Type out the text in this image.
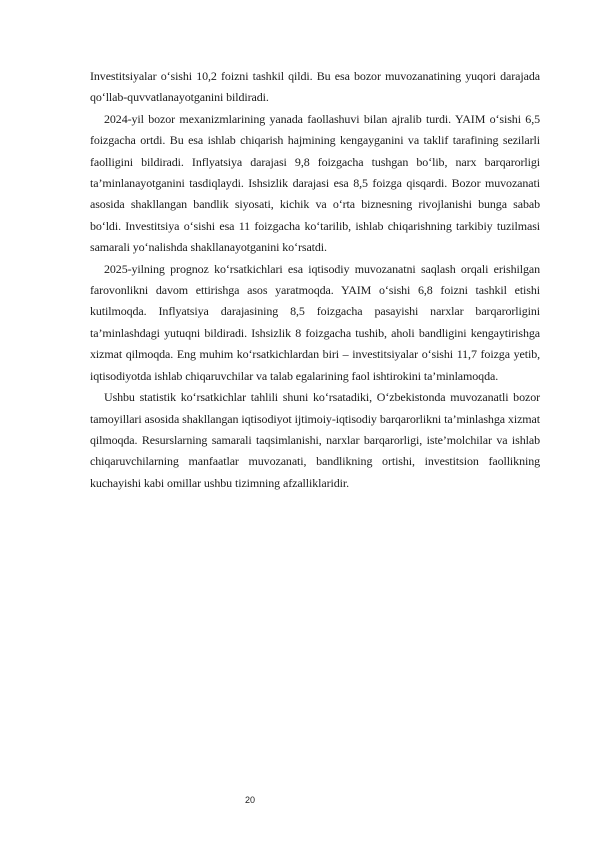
Investitsiyalar o‘sishi 10,2 foizni tashkil qildi. Bu esa bozor muvozanatining yuqori darajada qo‘llab-quvvatlanayotganini bildiradi.

2024-yil bozor mexanizmlarining yanada faollashuvi bilan ajralib turdi. YAIM o‘sishi 6,5 foizgacha ortdi. Bu esa ishlab chiqarish hajmining kengayganini va taklif tarafining sezilarli faolligini bildiradi. Inflyatsiya darajasi 9,8 foizgacha tushgan bo‘lib, narx barqarorligi ta’minlanayotganini tasdiqlaydi. Ishsizlik darajasi esa 8,5 foizga qisqardi. Bozor muvozanati asosida shakllangan bandlik siyosati, kichik va o‘rta biznesning rivojlanishi bunga sabab bo‘ldi. Investitsiya o‘sishi esa 11 foizgacha ko‘tarilib, ishlab chiqarishning tarkibiy tuzilmasi samarali yo‘nalishda shakllanayotganini ko‘rsatdi.

2025-yilning prognoz ko‘rsatkichlari esa iqtisodiy muvozanatni saqlash orqali erishilgan farovonlikni davom ettirishga asos yaratmoqda. YAIM o‘sishi 6,8 foizni tashkil etishi kutilmoqda. Inflyatsiya darajasining 8,5 foizgacha pasayishi narxlar barqarorligini ta’minlashdagi yutuqni bildiradi. Ishsizlik 8 foizgacha tushib, aholi bandligini kengaytirishga xizmat qilmoqda. Eng muhim ko‘rsatkichlardan biri – investitsiyalar o‘sishi 11,7 foizga yetib, iqtisodiyotda ishlab chiqaruvchilar va talab egalarining faol ishtirokini ta’minlamoqda.

Ushbu statistik ko‘rsatkichlar tahlili shuni ko‘rsatadiki, O‘zbekistonda muvozanatli bozor tamoyillari asosida shakllangan iqtisodiyot ijtimoiy-iqtisodiy barqarorlikni ta’minlashga xizmat qilmoqda. Resurslarning samarali taqsimlanishi, narxlar barqarorligi, iste’molchilar va ishlab chiqaruvchilarning manfaatlar muvozanati, bandlikning ortishi, investitsion faollikning kuchayishi kabi omillar ushbu tizimning afzalliklaridir.

20
